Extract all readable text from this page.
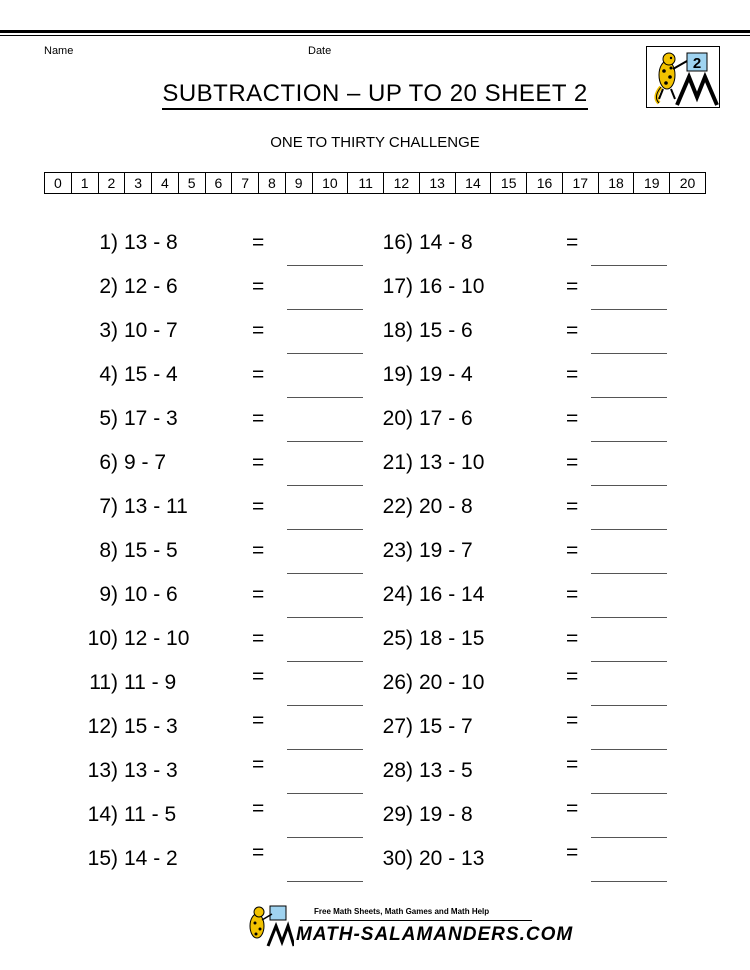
Name	Date
SUBTRACTION – UP TO 20 SHEET 2
ONE TO THIRTY CHALLENGE
2
0	1	2	3	4	5	6	7	8	9	10	11	12	13	14	15	16	17	18	19	20
1) 13 - 8	=
2) 12 - 6	=
3) 10 - 7	=
4) 15 - 4	=
5) 17 - 3	=
6) 9 - 7	=
7) 13 - 11	=
8) 15 - 5	=
9) 10 - 6	=
10) 12 - 10	=
11) 11 - 9	=
12) 15 - 3	=
13) 13 - 3	=
14) 11 - 5	=
15) 14 - 2	=
16) 14 - 8	=
17) 16 - 10	=
18) 15 - 6	=
19) 19 - 4	=
20) 17 - 6	=
21) 13 - 10	=
22) 20 - 8	=
23) 19 - 7	=
24) 16 - 14	=
25) 18 - 15	=
26) 20 - 10	=
27) 15 - 7	=
28) 13 - 5	=
29) 19 - 8	=
30) 20 - 13	=
Free Math Sheets, Math Games and Math Help
MATH-SALAMANDERS.COM
